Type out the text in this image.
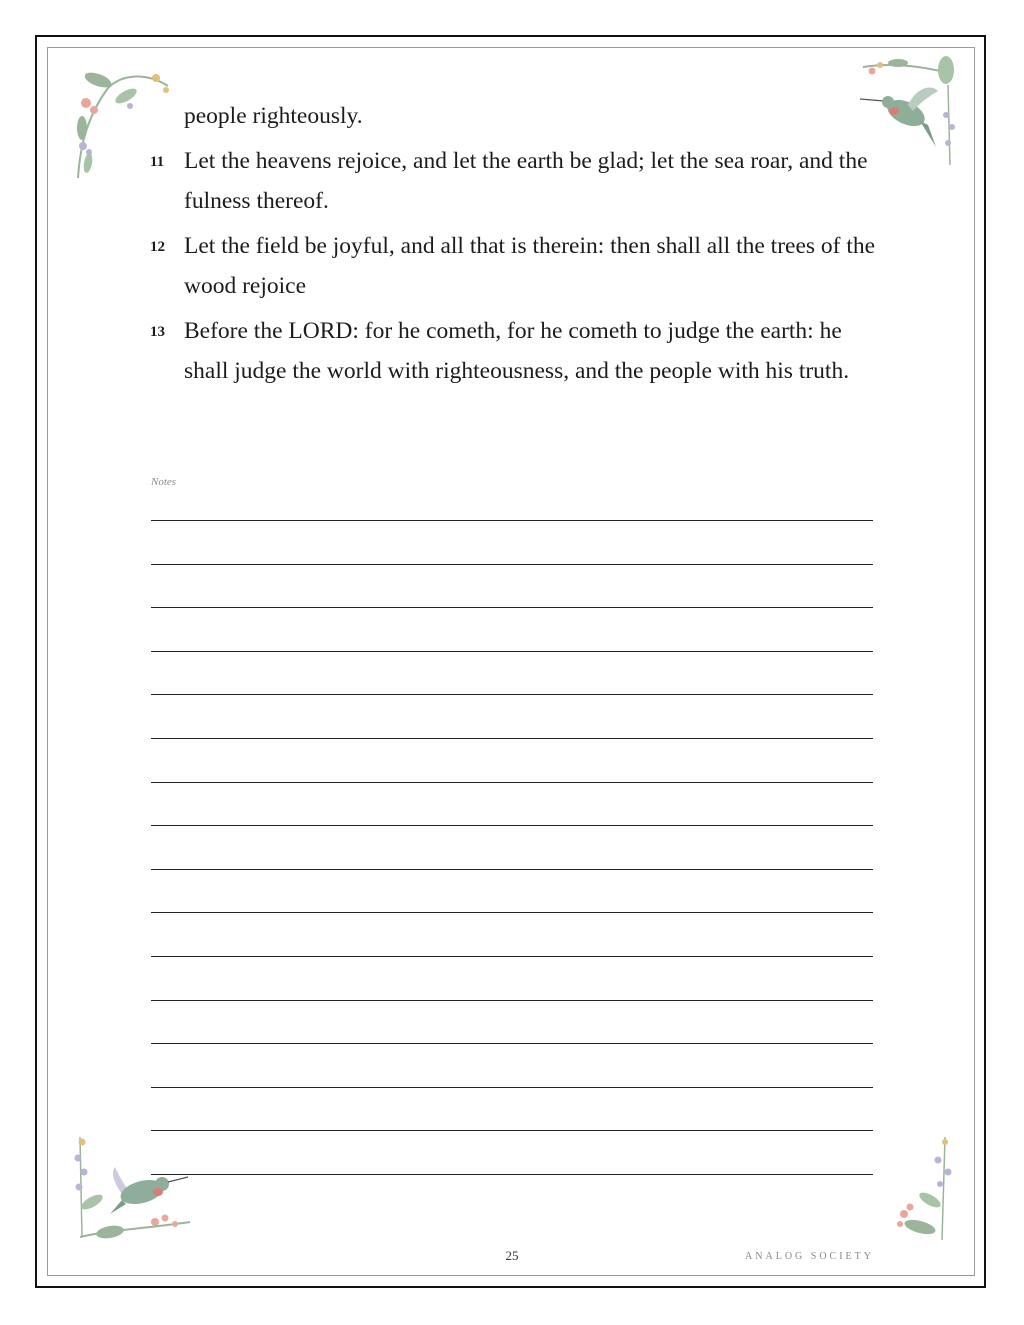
people righteously.
11 Let the heavens rejoice, and let the earth be glad; let the sea roar, and the fulness thereof.
12 Let the field be joyful, and all that is therein: then shall all the trees of the wood rejoice
13 Before the LORD: for he cometh, for he cometh to judge the earth: he shall judge the world with righteousness, and the people with his truth.
Notes
25	ANALOG SOCIETY
